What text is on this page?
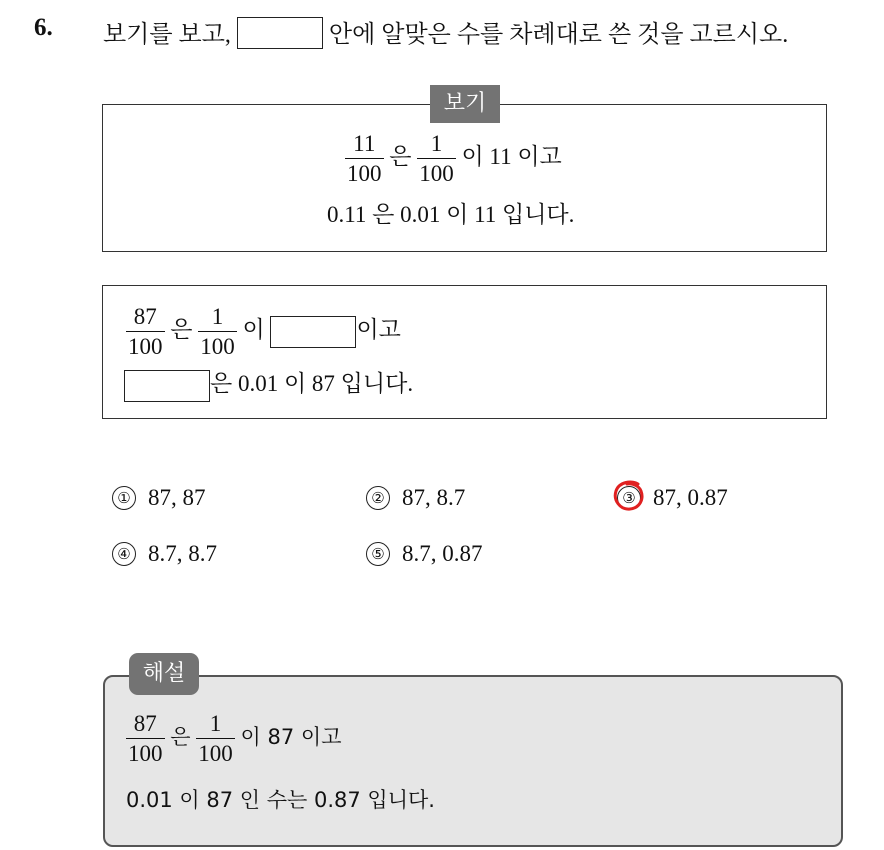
6. 보기를 보고,	안에 알맞은 수를 차례대로 쓴 것을 고르시오.
보기
$\frac{11}{100}$ 은 $\frac{1}{100}$ 이 11 이고
0.11 은 0.01 이 11 입니다.
$\frac{87}{100}$ 은 $\frac{1}{100}$ 이	이고
은 0.01 이 87 입니다.
① 87, 87	② 87, 8.7	③ 87, 0.87
④ 8.7, 8.7	⑤ 8.7, 0.87
해설
$\frac{87}{100}$ 은 $\frac{1}{100}$ 이 87 이고
0.01 이 87 인 수는 0.87 입니다.
